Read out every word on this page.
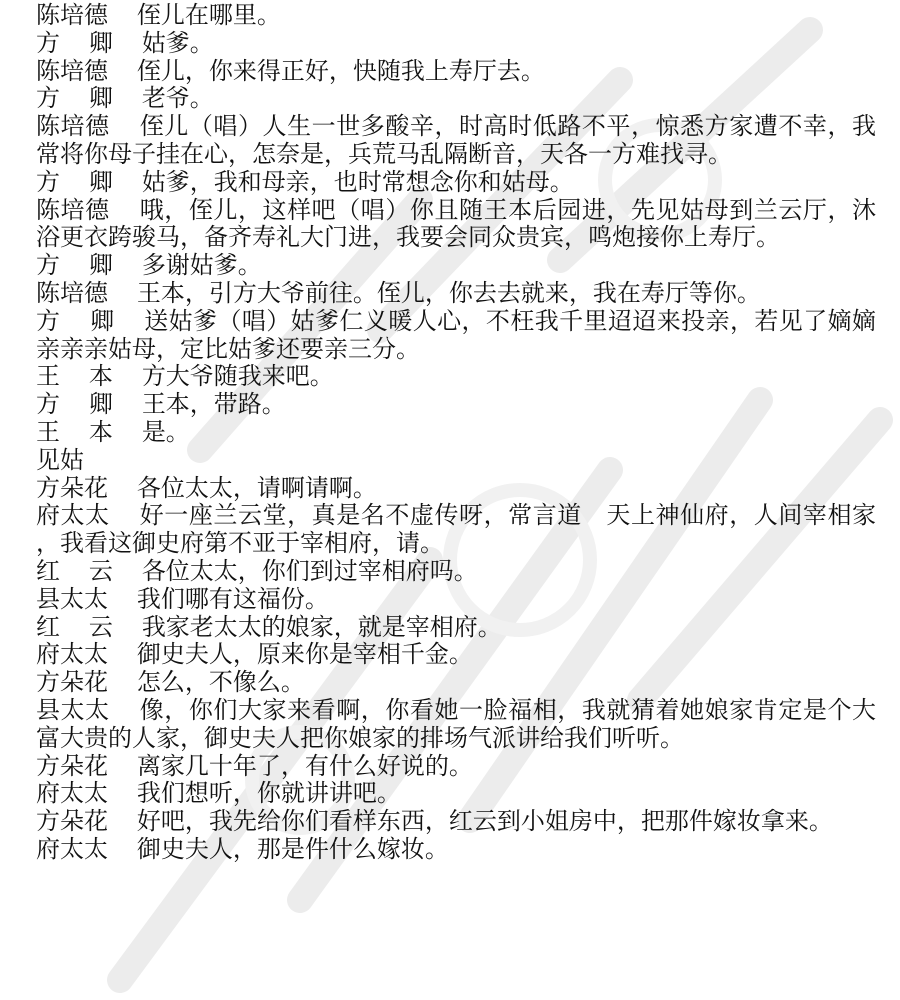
陈培德 侄儿在哪里。

方  卿 姑爹。

陈培德 侄儿，你来得正好，快随我上寿厅去。

方  卿 老爷。

陈培德 侄儿（唱）人生一世多酸辛，时高时低路不平，惊悉方家遭不幸，我常将你母子挂在心，怎奈是，兵荒马乱隔断音，天各一方难找寻。

方  卿 姑爹，我和母亲，也时常想念你和姑母。

陈培德 哦，侄儿，这样吧（唱）你且随王本后园进，先见姑母到兰云厅，沐浴更衣跨骏马，备齐寿礼大门进，我要会同众贵宾，鸣炮接你上寿厅。

方  卿 多谢姑爹。

陈培德 王本，引方大爷前往。侄儿，你去去就来，我在寿厅等你。

方  卿 送姑爹（唱）姑爹仁义暖人心，不枉我千里迢迢来投亲，若见了嫡嫡亲亲亲姑母，定比姑爹还要亲三分。

王  本 方大爷随我来吧。

方  卿 王本，带路。

王  本 是。

见姑

方朵花 各位太太，请啊请啊。

府太太 好一座兰云堂，真是名不虚传呀，常言道　天上神仙府，人间宰相家，我看这御史府第不亚于宰相府，请。

红  云 各位太太，你们到过宰相府吗。

县太太 我们哪有这福份。

红  云 我家老太太的娘家，就是宰相府。

府太太 御史夫人，原来你是宰相千金。

方朵花 怎么，不像么。

县太太 像，你们大家来看啊，你看她一脸福相，我就猜着她娘家肯定是个大富大贵的人家，御史夫人把你娘家的排场气派讲给我们听听。

方朵花 离家几十年了，有什么好说的。

府太太 我们想听，你就讲讲吧。

方朵花 好吧，我先给你们看样东西，红云到小姐房中，把那件嫁妆拿来。

府太太 御史夫人，那是件什么嫁妆。
